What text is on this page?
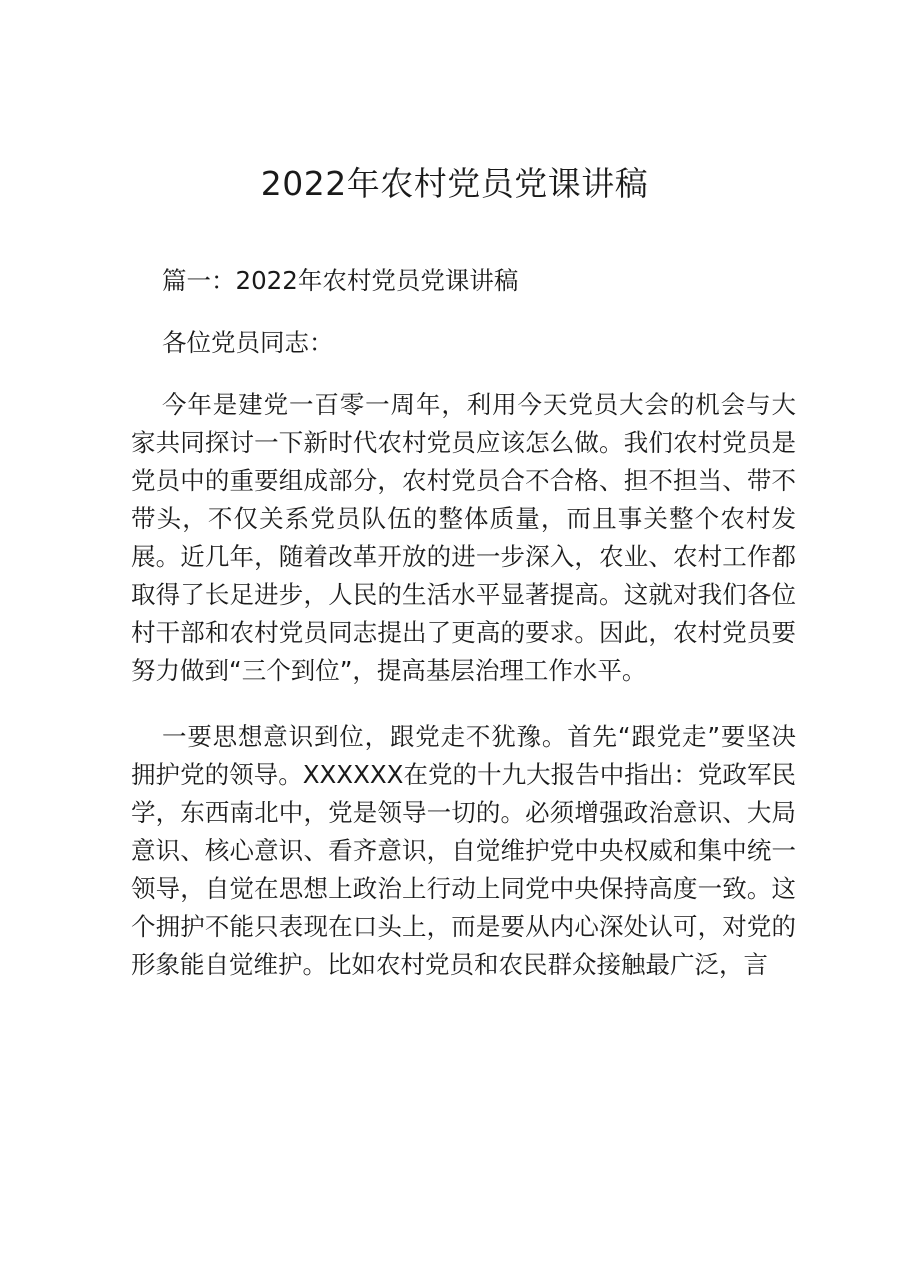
2022年农村党员党课讲稿

篇一：2022年农村党员党课讲稿

各位党员同志：

今年是建党一百零一周年，利用今天党员大会的机会与大家共同探讨一下新时代农村党员应该怎么做。我们农村党员是党员中的重要组成部分，农村党员合不合格、担不担当、带不带头，不仅关系党员队伍的整体质量，而且事关整个农村发展。近几年，随着改革开放的进一步深入，农业、农村工作都取得了长足进步，人民的生活水平显著提高。这就对我们各位村干部和农村党员同志提出了更高的要求。因此，农村党员要努力做到“三个到位”，提高基层治理工作水平。

一要思想意识到位，跟党走不犹豫。首先“跟党走”要坚决拥护党的领导。XXXXXX在党的十九大报告中指出：党政军民学，东西南北中，党是领导一切的。必须增强政治意识、大局意识、核心意识、看齐意识，自觉维护党中央权威和集中统一领导，自觉在思想上政治上行动上同党中央保持高度一致。这个拥护不能只表现在口头上，而是要从内心深处认可，对党的形象能自觉维护。比如农村党员和农民群众接触最广泛，言
